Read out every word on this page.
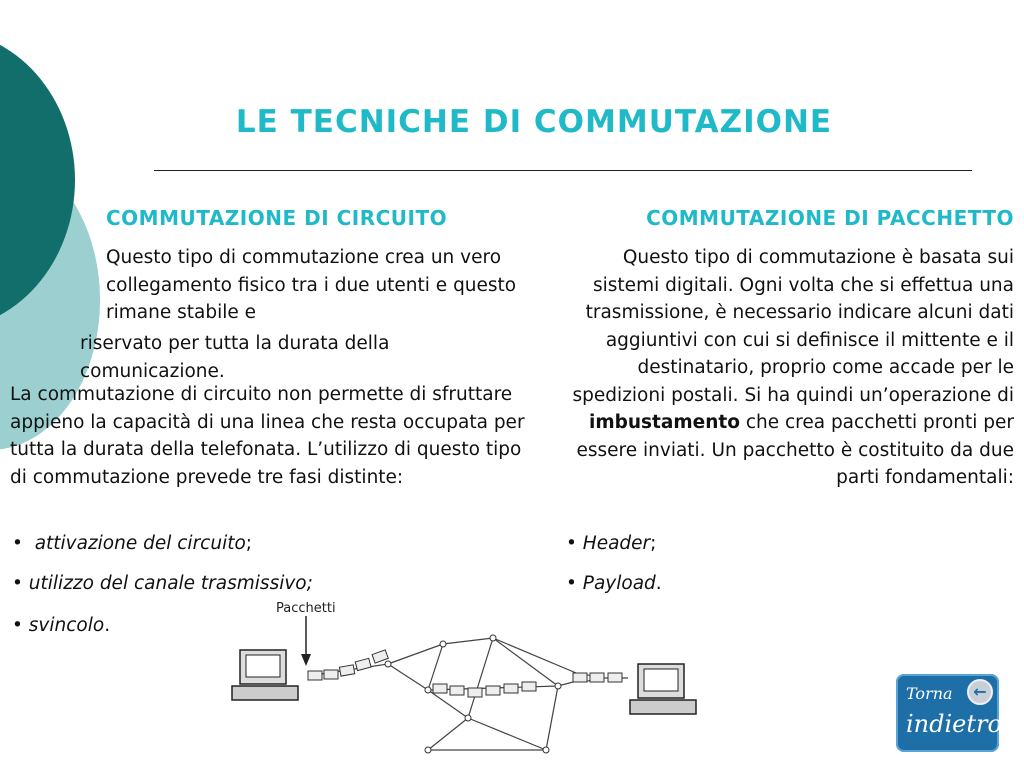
LE TECNICHE DI COMMUTAZIONE
COMMUTAZIONE DI CIRCUITO	COMMUTAZIONE DI PACCHETTO
Questo tipo di commutazione crea un vero collegamento fisico tra i due utenti e questo rimane stabile e
riservato per tutta la durata della comunicazione.
La commutazione di circuito non permette di sfruttare appieno la capacità di una linea che resta occupata per tutta la durata della telefonata. L’utilizzo di questo tipo di commutazione prevede tre fasi distinte:
•  attivazione del circuito;
• utilizzo del canale trasmissivo;
• svincolo.
Questo tipo di commutazione è basata sui sistemi digitali. Ogni volta che si effettua una trasmissione, è necessario indicare alcuni dati aggiuntivi con cui si definisce il mittente e il destinatario, proprio come accade per le spedizioni postali. Si ha quindi un’operazione di imbustamento che crea pacchetti pronti per essere inviati. Un pacchetto è costituito da due parti fondamentali:
• Header;
• Payload.
Pacchetti
Torna
indietro
←
